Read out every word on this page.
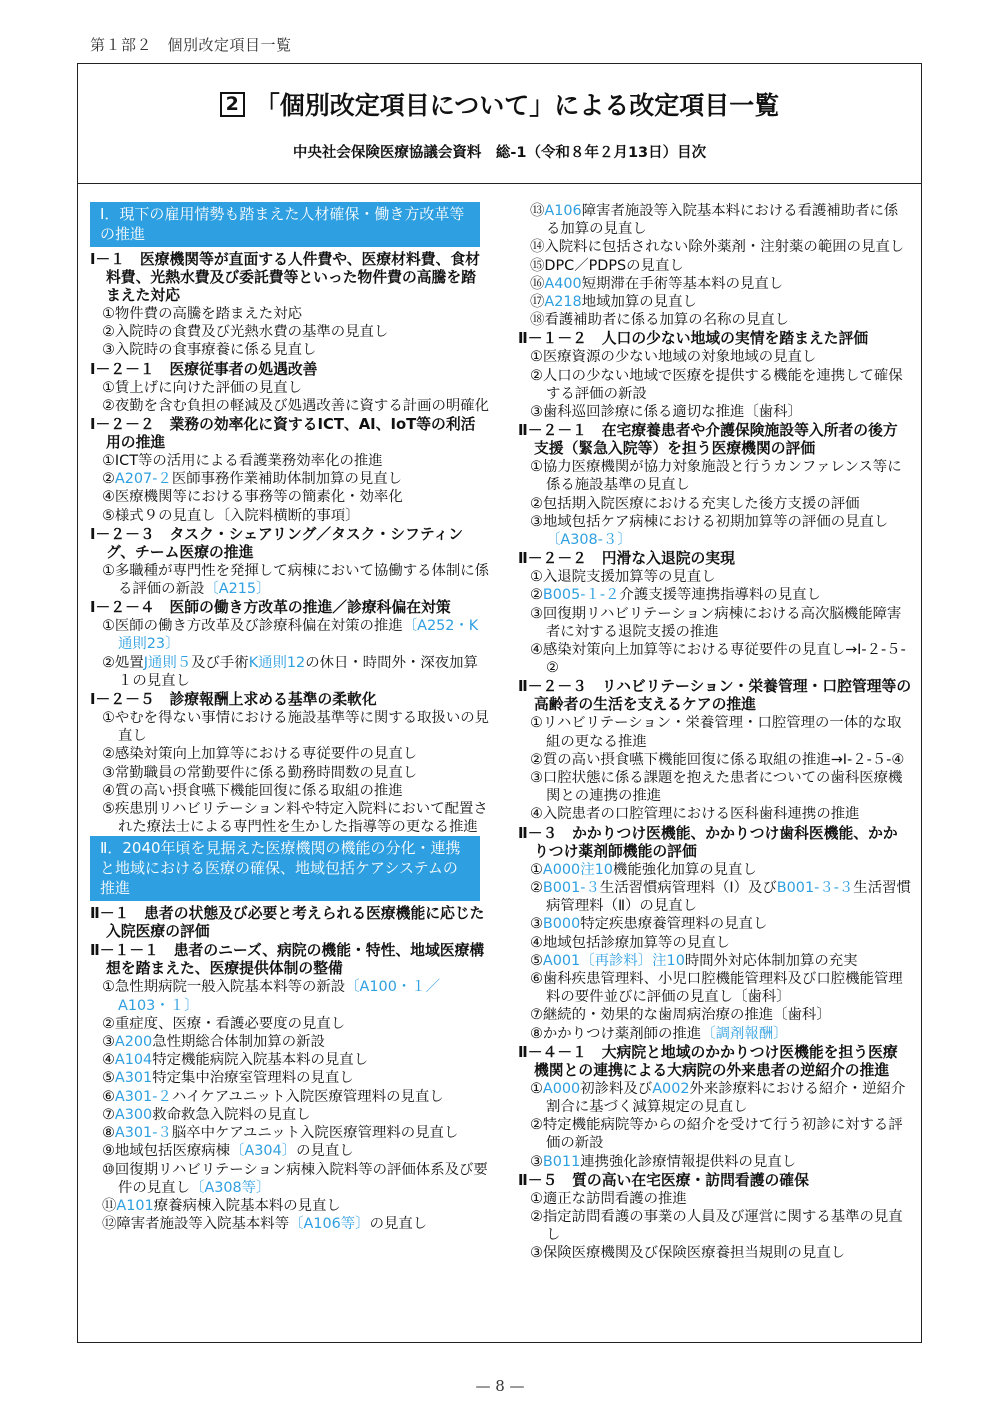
第１部２　個別改定項目一覧
2 「個別改定項目について」による改定項目一覧
中央社会保険医療協議会資料　総-1（令和８年２月13日）目次
Ⅰ．現下の雇用情勢も踏まえた人材確保・働き方改革等の推進
Ⅰ－１　医療機関等が直面する人件費や、医療材料費、食材料費、光熱水費及び委託費等といった物件費の高騰を踏まえた対応
①物件費の高騰を踏まえた対応
②入院時の食費及び光熱水費の基準の見直し
③入院時の食事療養に係る見直し
Ⅰ－２－１　医療従事者の処遇改善
①賃上げに向けた評価の見直し
②夜勤を含む負担の軽減及び処遇改善に資する計画の明確化
Ⅰ－２－２　業務の効率化に資するICT、AI、IoT等の利活用の推進
①ICT等の活用による看護業務効率化の推進
②A207-２医師事務作業補助体制加算の見直し
④医療機関等における事務等の簡素化・効率化
⑤様式９の見直し〔入院料横断的事項〕
Ⅰ－２－３　タスク・シェアリング／タスク・シフティング、チーム医療の推進
①多職種が専門性を発揮して病棟において協働する体制に係る評価の新設〔A215〕
Ⅰ－２－４　医師の働き方改革の推進／診療科偏在対策
①医師の働き方改革及び診療科偏在対策の推進〔A252・K通則23〕
②処置J通則５及び手術K通則12の休日・時間外・深夜加算１の見直し
Ⅰ－２－５　診療報酬上求める基準の柔軟化
①やむを得ない事情における施設基準等に関する取扱いの見直し
②感染対策向上加算等における専従要件の見直し
③常勤職員の常勤要件に係る勤務時間数の見直し
④質の高い摂食嚥下機能回復に係る取組の推進
⑤疾患別リハビリテーション料や特定入院料において配置された療法士による専門性を生かした指導等の更なる推進
Ⅱ．2040年頃を見据えた医療機関の機能の分化・連携と地域における医療の確保、地域包括ケアシステムの推進
Ⅱ－１　患者の状態及び必要と考えられる医療機能に応じた入院医療の評価
Ⅱ－１－１　患者のニーズ、病院の機能・特性、地域医療構想を踏まえた、医療提供体制の整備
①急性期病院一般入院基本料等の新設〔A100・１／A103・１〕
②重症度、医療・看護必要度の見直し
③A200急性期総合体制加算の新設
④A104特定機能病院入院基本料の見直し
⑤A301特定集中治療室管理料の見直し
⑥A301-２ハイケアユニット入院医療管理料の見直し
⑦A300救命救急入院料の見直し
⑧A301-３脳卒中ケアユニット入院医療管理料の見直し
⑨地域包括医療病棟〔A304〕の見直し
⑩回復期リハビリテーション病棟入院料等の評価体系及び要件の見直し〔A308等〕
⑪A101療養病棟入院基本料の見直し
⑫障害者施設等入院基本料等〔A106等〕の見直し
⑬A106障害者施設等入院基本料における看護補助者に係る加算の見直し
⑭入院料に包括されない除外薬剤・注射薬の範囲の見直し
⑮DPC／PDPSの見直し
⑯A400短期滞在手術等基本料の見直し
⑰A218地域加算の見直し
⑱看護補助者に係る加算の名称の見直し
Ⅱ－１－２　人口の少ない地域の実情を踏まえた評価
①医療資源の少ない地域の対象地域の見直し
②人口の少ない地域で医療を提供する機能を連携して確保する評価の新設
③歯科巡回診療に係る適切な推進〔歯科〕
Ⅱ－２－１　在宅療養患者や介護保険施設等入所者の後方支援（緊急入院等）を担う医療機関の評価
①協力医療機関が協力対象施設と行うカンファレンス等に係る施設基準の見直し
②包括期入院医療における充実した後方支援の評価
③地域包括ケア病棟における初期加算等の評価の見直し〔A308-３〕
Ⅱ－２－２　円滑な入退院の実現
①入退院支援加算等の見直し
②B005-１-２介護支援等連携指導料の見直し
③回復期リハビリテーション病棟における高次脳機能障害者に対する退院支援の推進
④感染対策向上加算等における専従要件の見直し→Ⅰ-２-５-②
Ⅱ－２－３　リハビリテーション・栄養管理・口腔管理等の高齢者の生活を支えるケアの推進
①リハビリテーション・栄養管理・口腔管理の一体的な取組の更なる推進
②質の高い摂食嚥下機能回復に係る取組の推進→Ⅰ-２-５-④
③口腔状態に係る課題を抱えた患者についての歯科医療機関との連携の推進
④入院患者の口腔管理における医科歯科連携の推進
Ⅱ－３　かかりつけ医機能、かかりつけ歯科医機能、かかりつけ薬剤師機能の評価
①A000注10機能強化加算の見直し
②B001-３生活習慣病管理料（Ⅰ）及びB001-３-３生活習慣病管理料（Ⅱ）の見直し
③B000特定疾患療養管理料の見直し
④地域包括診療加算等の見直し
⑤A001〔再診料〕注10時間外対応体制加算の充実
⑥歯科疾患管理料、小児口腔機能管理料及び口腔機能管理料の要件並びに評価の見直し〔歯科〕
⑦継続的・効果的な歯周病治療の推進〔歯科〕
⑧かかりつけ薬剤師の推進〔調剤報酬〕
Ⅱ－４－１　大病院と地域のかかりつけ医機能を担う医療機関との連携による大病院の外来患者の逆紹介の推進
①A000初診料及びA002外来診療料における紹介・逆紹介割合に基づく減算規定の見直し
②特定機能病院等からの紹介を受けて行う初診に対する評価の新設
③B011連携強化診療情報提供料の見直し
Ⅱ－５　質の高い在宅医療・訪問看護の確保
①適正な訪問看護の推進
②指定訪問看護の事業の人員及び運営に関する基準の見直し
③保険医療機関及び保険医療養担当規則の見直し
— 8 —
